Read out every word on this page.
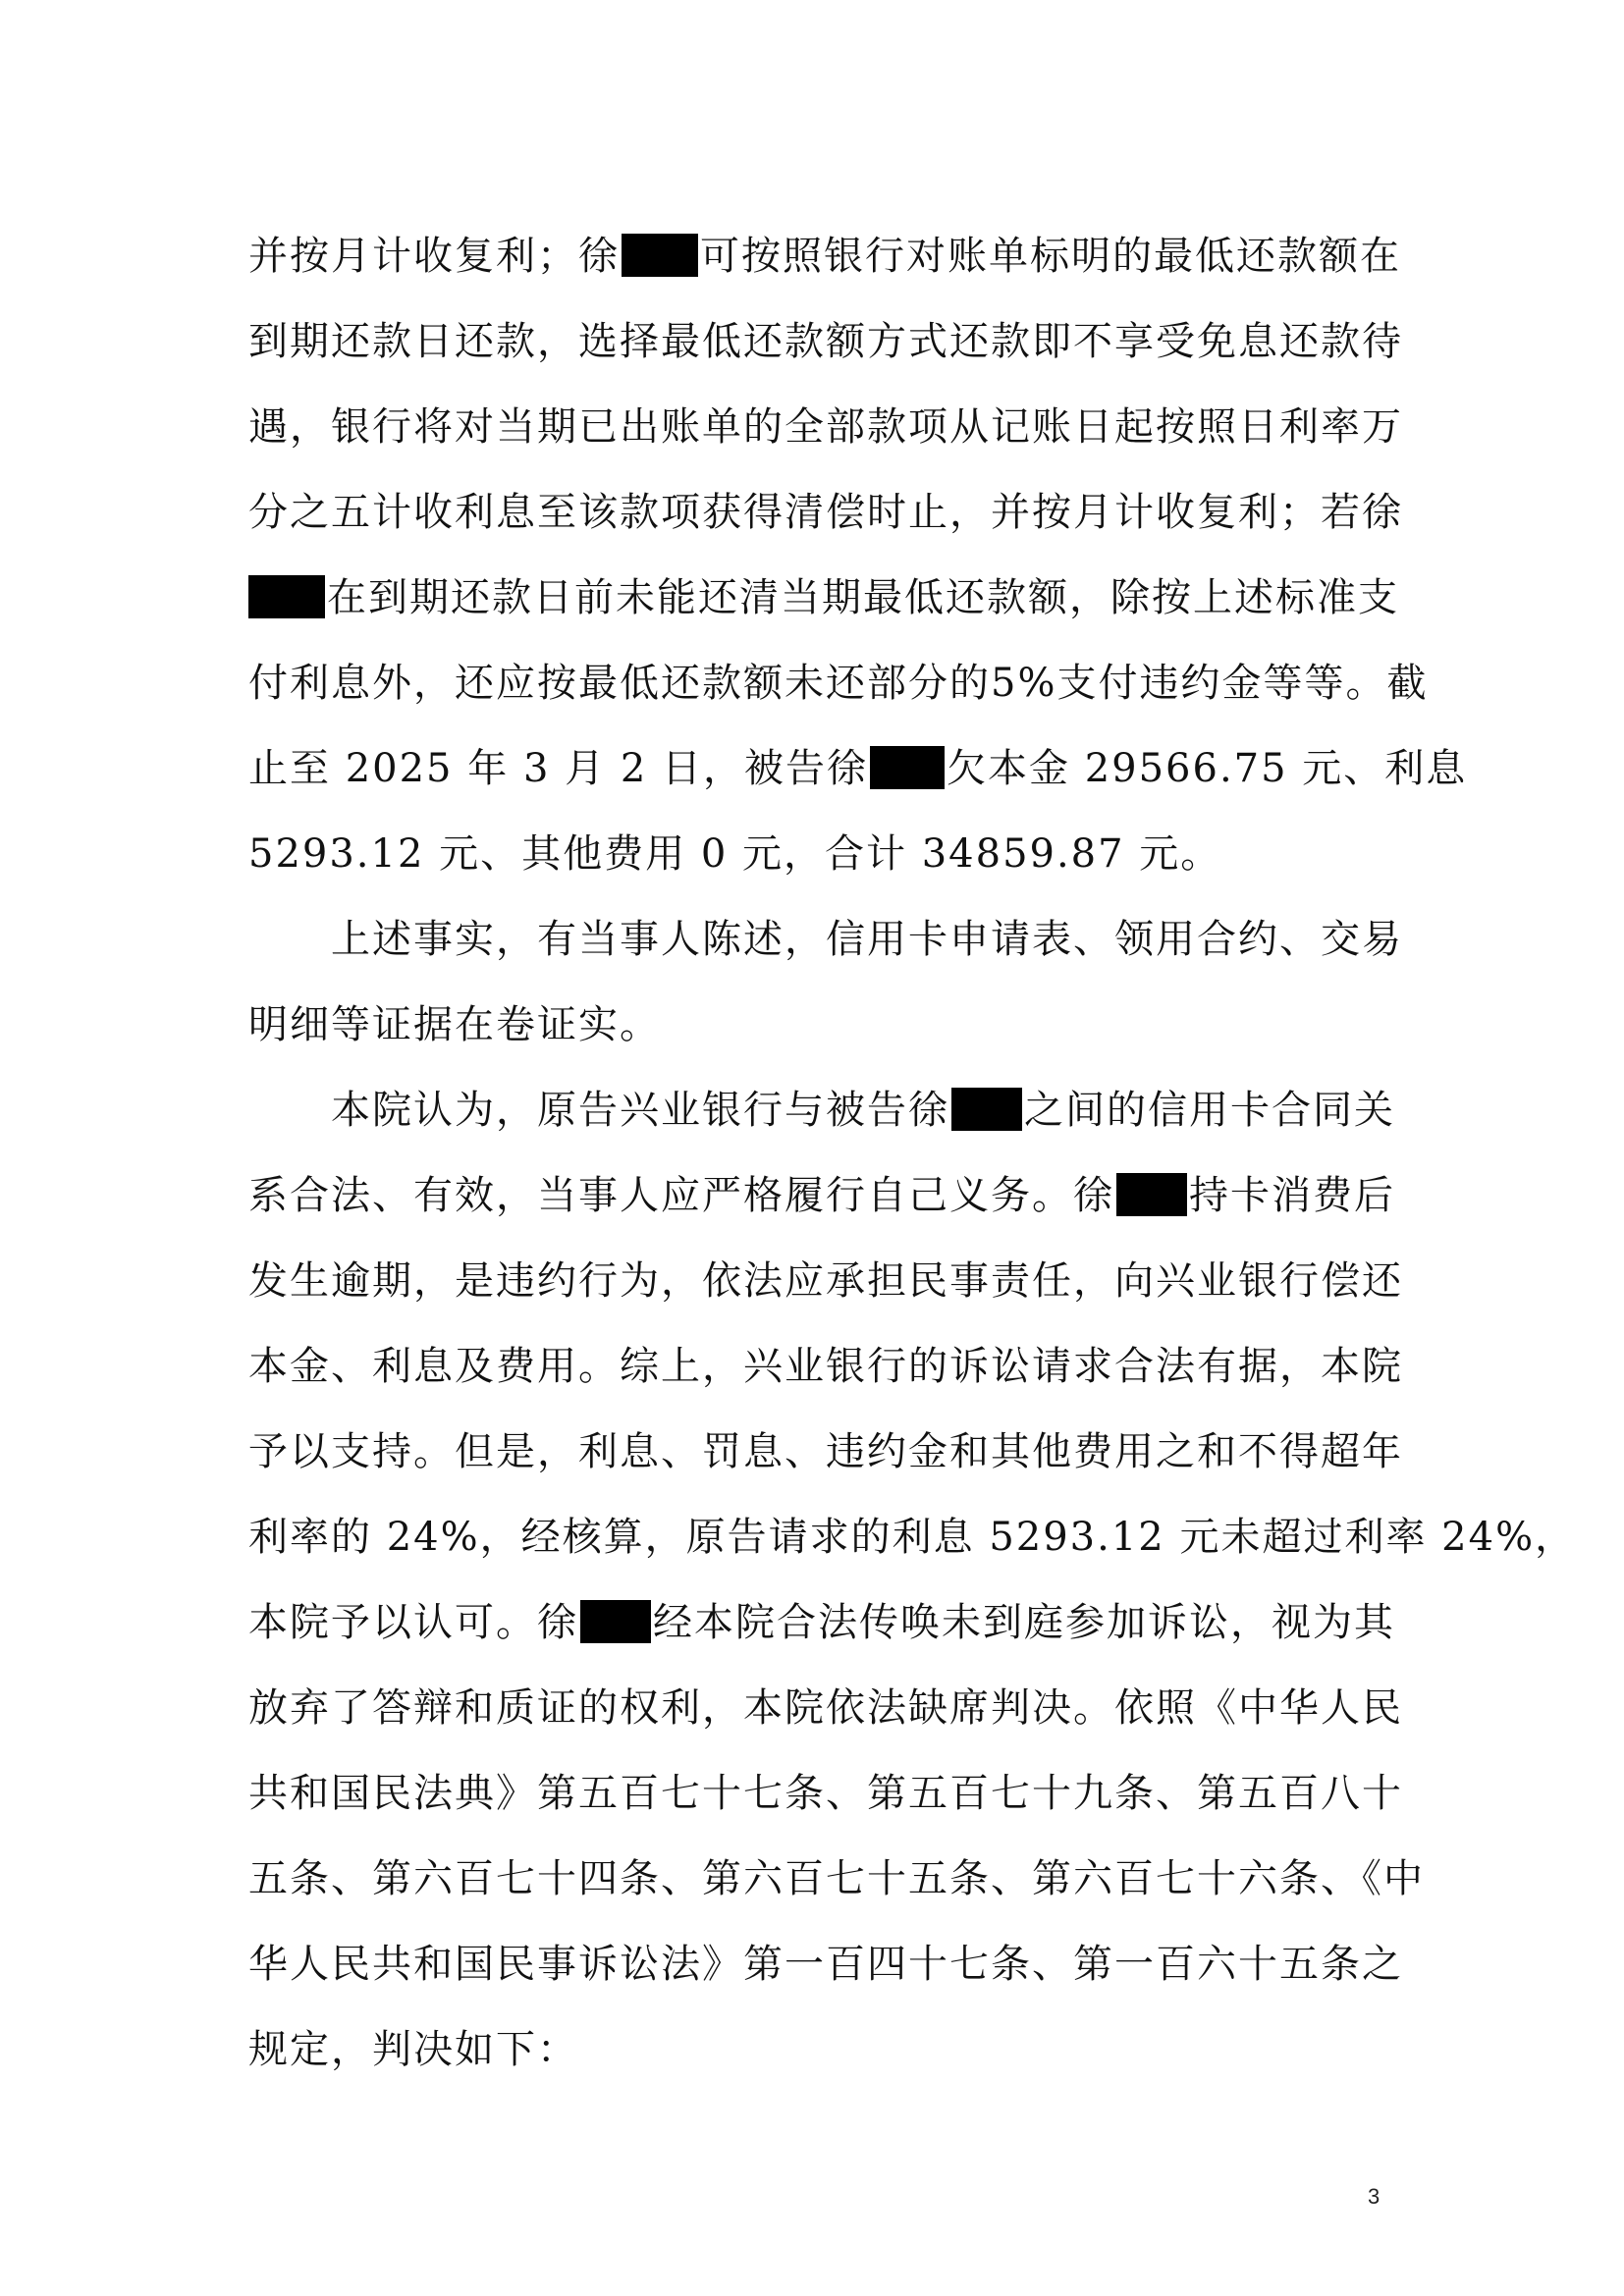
并按月计收复利；徐 可按照银行对账单标明的最低还款额在
到期还款日还款，选择最低还款额方式还款即不享受免息还款待
遇，银行将对当期已出账单的全部款项从记账日起按照日利率万
分之五计收利息至该款项获得清偿时止，并按月计收复利；若徐
在到期还款日前未能还清当期最低还款额，除按上述标准支
付利息外，还应按最低还款额未还部分的5%支付违约金等等。截
止至 2025 年 3 月 2 日，被告徐 欠本金 29566.75 元、利息
5293.12 元、其他费用 0 元，合计 34859.87 元。
上述事实，有当事人陈述，信用卡申请表、领用合约、交易
明细等证据在卷证实。
本院认为，原告兴业银行与被告徐 之间的信用卡合同关
系合法、有效，当事人应严格履行自己义务。徐 持卡消费后
发生逾期，是违约行为，依法应承担民事责任，向兴业银行偿还
本金、利息及费用。综上，兴业银行的诉讼请求合法有据，本院
予以支持。但是，利息、罚息、违约金和其他费用之和不得超年
利率的 24%，经核算，原告请求的利息 5293.12 元未超过利率 24%，
本院予以认可。徐 经本院合法传唤未到庭参加诉讼，视为其
放弃了答辩和质证的权利，本院依法缺席判决。依照《中华人民
共和国民法典》第五百七十七条、第五百七十九条、第五百八十
五条、第六百七十四条、第六百七十五条、第六百七十六条、《中
华人民共和国民事诉讼法》第一百四十七条、第一百六十五条之
规定，判决如下：
3
